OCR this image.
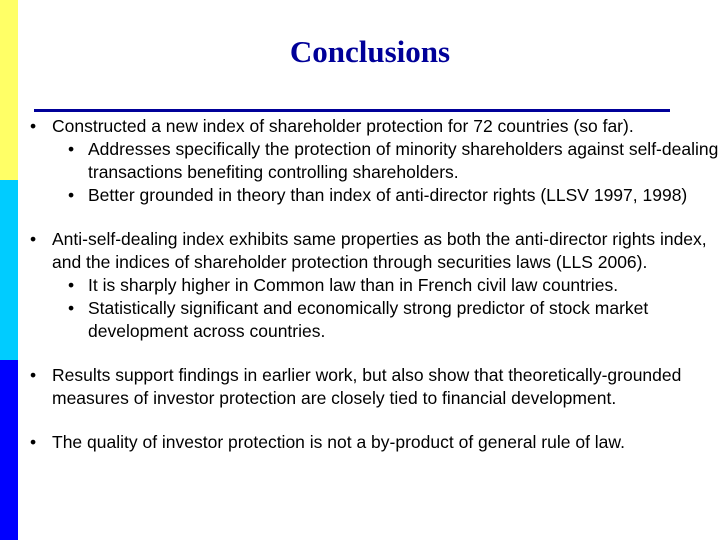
Conclusions
• Constructed a new index of shareholder protection for 72 countries (so far).
• Addresses specifically the protection of minority shareholders against self-dealing transactions benefiting controlling shareholders.
• Better grounded in theory than index of anti-director rights (LLSV 1997, 1998)
• Anti-self-dealing index exhibits same properties as both the anti-director rights index, and the indices of shareholder protection through securities laws (LLS 2006).
• It is sharply higher in Common law than in French civil law countries.
• Statistically significant and economically strong predictor of stock market development across countries.
• Results support findings in earlier work, but also show that theoretically-grounded measures of investor protection are closely tied to financial development.
• The quality of investor protection is not a by-product of general rule of law.
